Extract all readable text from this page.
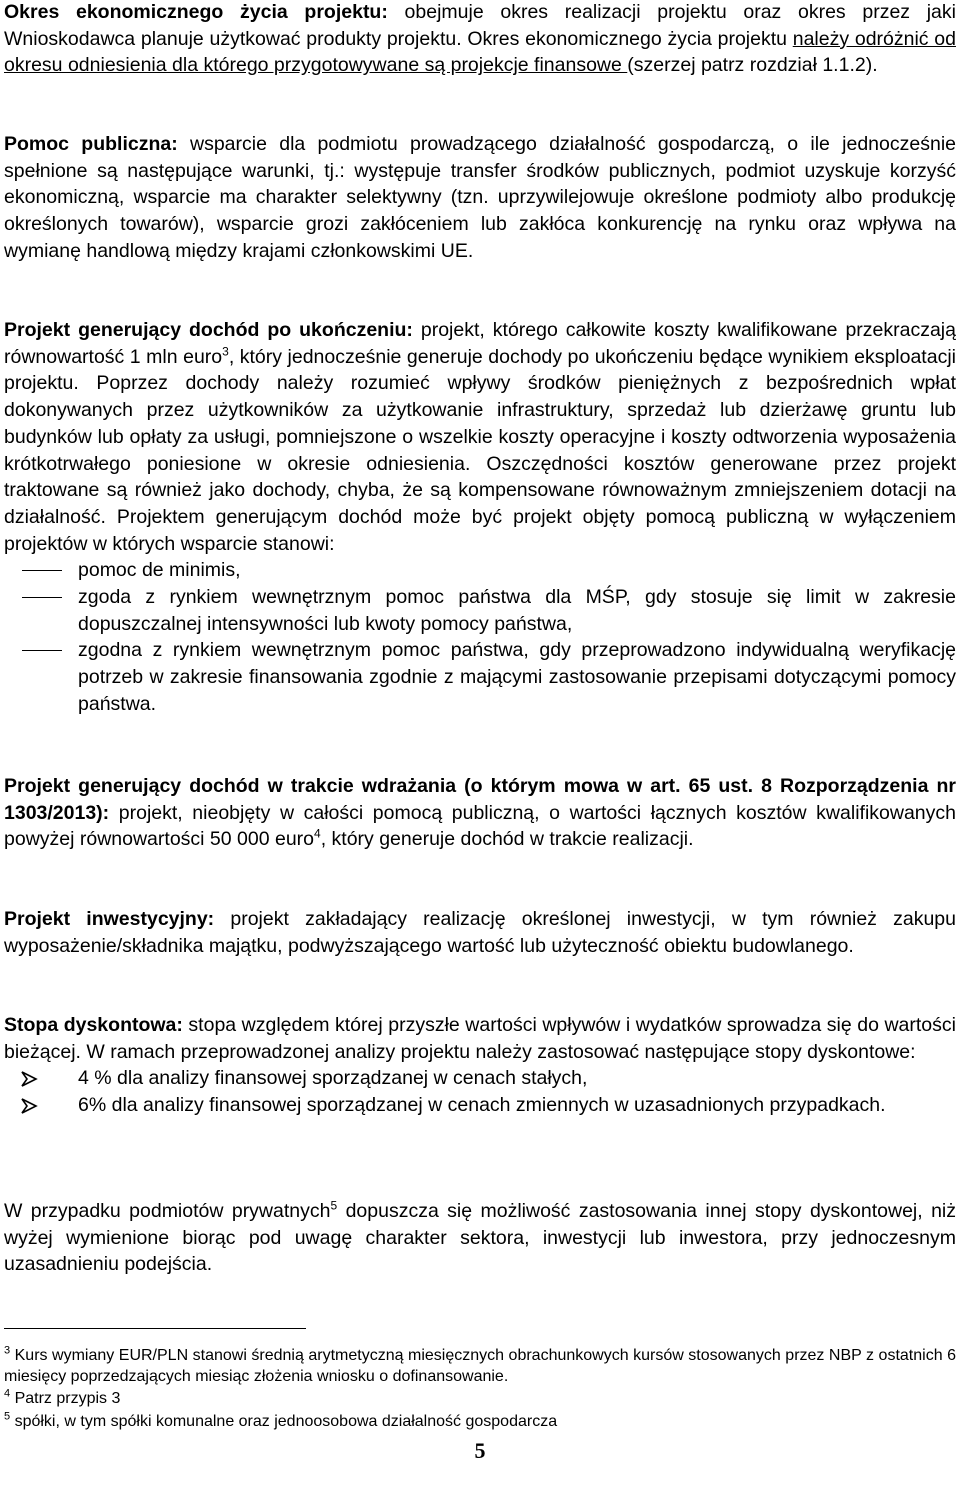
Okres ekonomicznego życia projektu: obejmuje okres realizacji projektu oraz okres przez jaki Wnioskodawca planuje użytkować produkty projektu. Okres ekonomicznego życia projektu należy odróżnić od okresu odniesienia dla którego przygotowywane są projekcje finansowe (szerzej patrz rozdział 1.1.2).

Pomoc publiczna: wsparcie dla podmiotu prowadzącego działalność gospodarczą, o ile jednocześnie spełnione są następujące warunki, tj.: występuje transfer środków publicznych, podmiot uzyskuje korzyść ekonomiczną, wsparcie ma charakter selektywny (tzn. uprzywilejowuje określone podmioty albo produkcję określonych towarów), wsparcie grozi zakłóceniem lub zakłóca konkurencję na rynku oraz wpływa na wymianę handlową między krajami członkowskimi UE.

Projekt generujący dochód po ukończeniu: projekt, którego całkowite koszty kwalifikowane przekraczają równowartość 1 mln euro$^3$, który jednocześnie generuje dochody po ukończeniu będące wynikiem eksploatacji projektu. Poprzez dochody należy rozumieć wpływy środków pieniężnych z bezpośrednich wpłat dokonywanych przez użytkowników za użytkowanie infrastruktury, sprzedaż lub dzierżawę gruntu lub budynków lub opłaty za usługi, pomniejszone o wszelkie koszty operacyjne i koszty odtworzenia wyposażenia krótkotrwałego poniesione w okresie odniesienia. Oszczędności kosztów generowane przez projekt traktowane są również jako dochody, chyba, że są kompensowane równoważnym zmniejszeniem dotacji na działalność. Projektem generującym dochód może być projekt objęty pomocą publiczną w wyłączeniem projektów w których wsparcie stanowi:

pomoc de minimis,
zgoda z rynkiem wewnętrznym pomoc państwa dla MŚP, gdy stosuje się limit w zakresie dopuszczalnej intensywności lub kwoty pomocy państwa,
zgodna z rynkiem wewnętrznym pomoc państwa, gdy przeprowadzono indywidualną weryfikację potrzeb w zakresie finansowania zgodnie z mającymi zastosowanie przepisami dotyczącymi pomocy państwa.

Projekt generujący dochód w trakcie wdrażania (o którym mowa w art. 65 ust. 8 Rozporządzenia nr 1303/2013): projekt, nieobjęty w całości pomocą publiczną, o wartości łącznych kosztów kwalifikowanych powyżej równowartości 50 000 euro$^4$, który generuje dochód w trakcie realizacji.

Projekt inwestycyjny: projekt zakładający realizację określonej inwestycji, w tym również zakupu wyposażenie/składnika majątku, podwyższającego wartość lub użyteczność obiektu budowlanego.

Stopa dyskontowa: stopa względem której przyszłe wartości wpływów i wydatków sprowadza się do wartości bieżącej. W ramach przeprowadzonej analizy projektu należy zastosować następujące stopy dyskontowe:

4 % dla analizy finansowej sporządzanej w cenach stałych,
6% dla analizy finansowej sporządzanej w cenach zmiennych w uzasadnionych przypadkach.

W przypadku podmiotów prywatnych$^5$ dopuszcza się możliwość zastosowania innej stopy dyskontowej, niż wyżej wymienione biorąc pod uwagę charakter sektora, inwestycji lub inwestora, przy jednoczesnym uzasadnieniu podejścia.

$^3$ Kurs wymiany EUR/PLN stanowi średnią arytmetyczną miesięcznych obrachunkowych kursów stosowanych przez NBP z ostatnich 6 miesięcy poprzedzających miesiąc złożenia wniosku o dofinansowanie.
$^4$ Patrz przypis 3
$^5$ spółki, w tym spółki komunalne oraz jednoosobowa działalność gospodarcza
5
